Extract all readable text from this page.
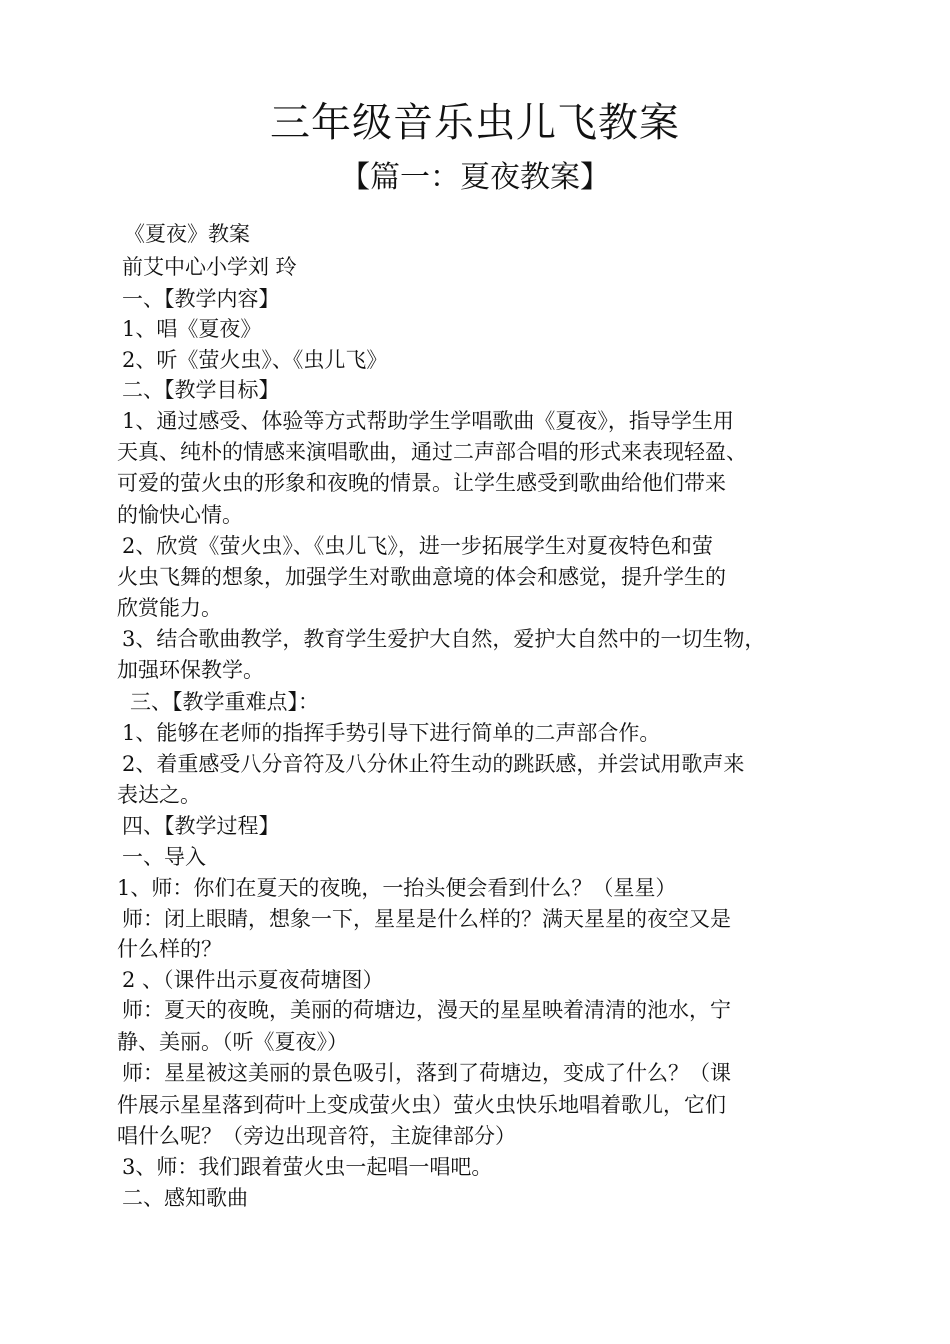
三年级音乐虫儿飞教案
【篇一：夏夜教案】
《夏夜》教案
前艾中心小学刘 玲
一、【教学内容】
1、唱《夏夜》
2、听《萤火虫》、《虫儿飞》
二、【教学目标】
1、通过感受、体验等方式帮助学生学唱歌曲《夏夜》，指导学生用
天真、纯朴的情感来演唱歌曲，通过二声部合唱的形式来表现轻盈、
可爱的萤火虫的形象和夜晚的情景。让学生感受到歌曲给他们带来
的愉快心情。
2、欣赏《萤火虫》、《虫儿飞》，进一步拓展学生对夏夜特色和萤
火虫飞舞的想象，加强学生对歌曲意境的体会和感觉，提升学生的
欣赏能力。
3、结合歌曲教学，教育学生爱护大自然，爱护大自然中的一切生物，
加强环保教学。
三、【教学重难点】：
1、能够在老师的指挥手势引导下进行简单的二声部合作。
2、着重感受八分音符及八分休止符生动的跳跃感，并尝试用歌声来
表达之。
四、【教学过程】
一、导入
1、师：你们在夏天的夜晚，一抬头便会看到什么？（星星）
师：闭上眼睛，想象一下，星星是什么样的？满天星星的夜空又是
什么样的？
2 、（课件出示夏夜荷塘图）
师：夏天的夜晚，美丽的荷塘边，漫天的星星映着清清的池水，宁
静、美丽。（听《夏夜》）
师：星星被这美丽的景色吸引，落到了荷塘边，变成了什么？（课
件展示星星落到荷叶上变成萤火虫）萤火虫快乐地唱着歌儿，它们
唱什么呢？（旁边出现音符，主旋律部分）
3、师：我们跟着萤火虫一起唱一唱吧。
二、感知歌曲
